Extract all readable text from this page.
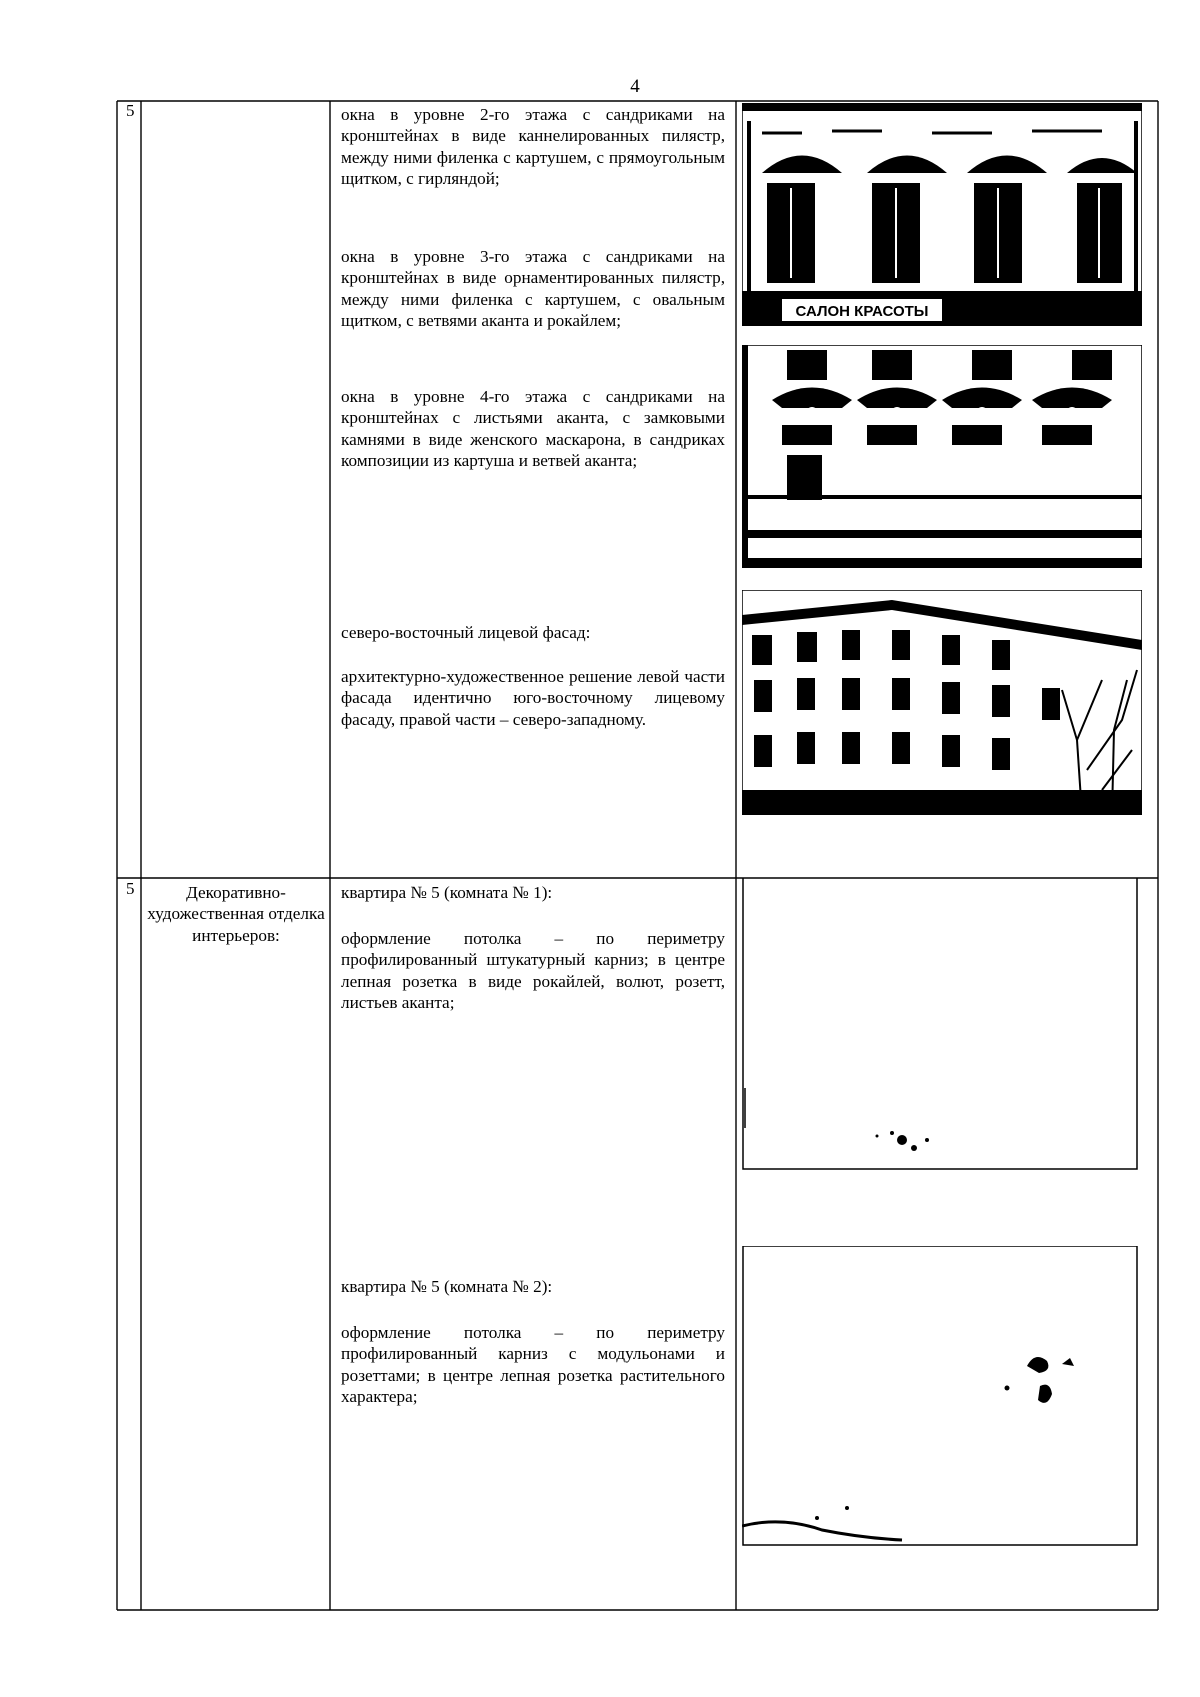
4
5	окна в уровне 2-го этажа с сандриками на кронштейнах в виде каннелированных пилястр, между ними филенка с картушем, с прямоугольным щитком, с гирляндой;

окна в уровне 3-го этажа с сандриками на кронштейнах в виде орнаментированных пилястр, между ними филенка с картушем, с овальным щитком, с ветвями аканта и рокайлем;

окна в уровне 4-го этажа с сандриками на кронштейнах с листьями аканта, с замковыми камнями в виде женского маскарона, в сандриках композиции из картуша и ветвей аканта;

северо-восточный лицевой фасад:

архитектурно-художественное решение левой части фасада идентично юго-восточному лицевому фасаду, правой части – северо-западному.

САЛОН КРАСОТЫ
5	Декоративно-художественная отделка интерьеров:

квартира № 5 (комната № 1):

оформление потолка – по периметру профилированный штукатурный карниз; в центре лепная розетка в виде рокайлей, волют, розетт, листьев аканта;

квартира № 5 (комната № 2):

оформление потолка – по периметру профилированный карниз с модульонами и розеттами; в центре лепная розетка растительного характера;
